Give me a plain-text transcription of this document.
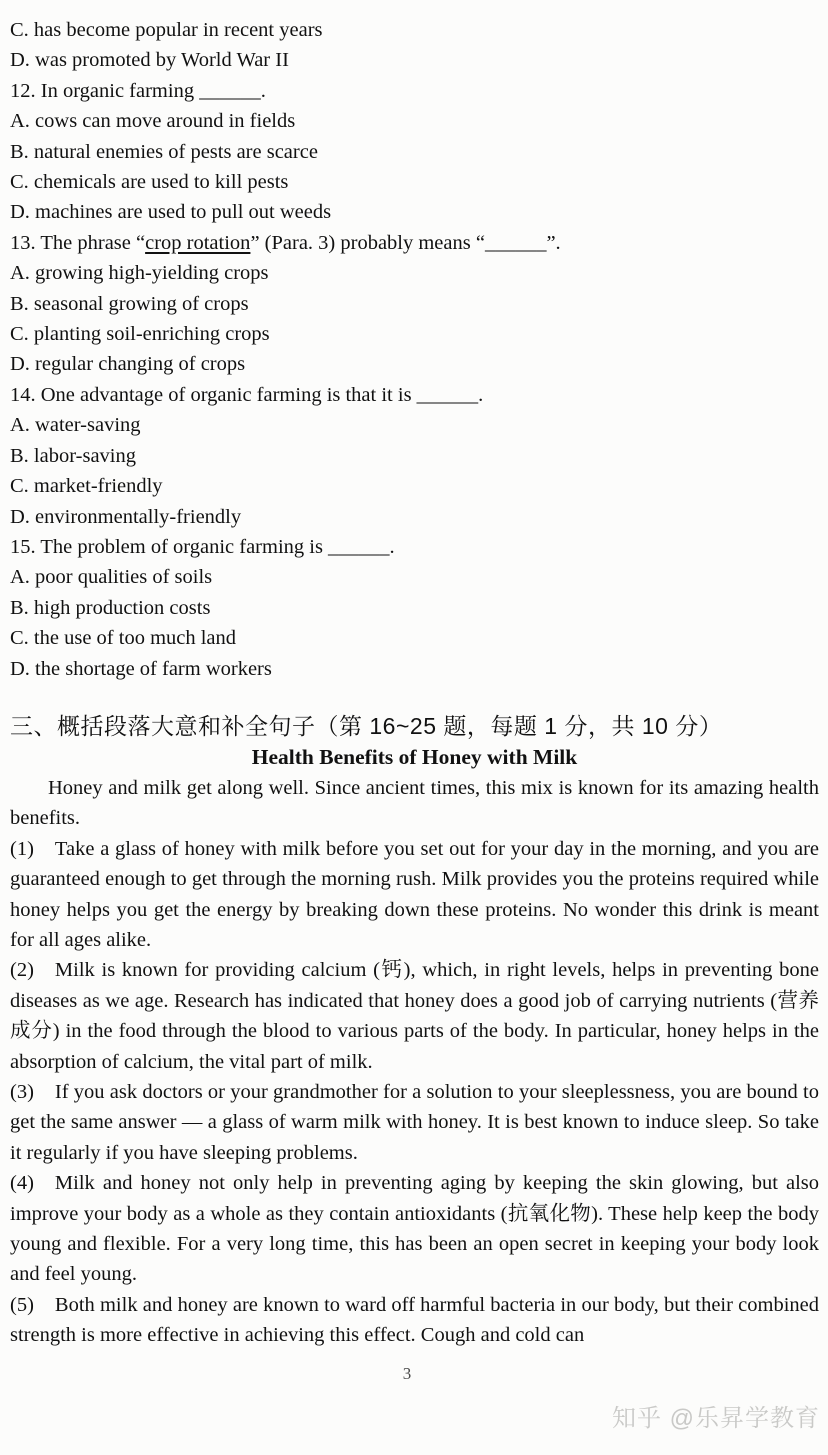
C. has become popular in recent years
D. was promoted by World War II
12. In organic farming ______.
A. cows can move around in fields
B. natural enemies of pests are scarce
C. chemicals are used to kill pests
D. machines are used to pull out weeds
13. The phrase “crop rotation” (Para. 3) probably means “______”.
A. growing high-yielding crops
B. seasonal growing of crops
C. planting soil-enriching crops
D. regular changing of crops
14. One advantage of organic farming is that it is ______.
A. water-saving
B. labor-saving
C. market-friendly
D. environmentally-friendly
15. The problem of organic farming is ______.
A. poor qualities of soils
B. high production costs
C. the use of too much land
D. the shortage of farm workers
三、概括段落大意和补全句子（第 16~25 题，每题 1 分，共 10 分）
Health Benefits of Honey with Milk
Honey and milk get along well. Since ancient times, this mix is known for its amazing health benefits.
(1) Take a glass of honey with milk before you set out for your day in the morning, and you are guaranteed enough to get through the morning rush. Milk provides you the proteins required while honey helps you get the energy by breaking down these proteins. No wonder this drink is meant for all ages alike.
(2) Milk is known for providing calcium (钙), which, in right levels, helps in preventing bone diseases as we age. Research has indicated that honey does a good job of carrying nutrients (营养成分) in the food through the blood to various parts of the body. In particular, honey helps in the absorption of calcium, the vital part of milk.
(3) If you ask doctors or your grandmother for a solution to your sleeplessness, you are bound to get the same answer — a glass of warm milk with honey. It is best known to induce sleep. So take it regularly if you have sleeping problems.
(4) Milk and honey not only help in preventing aging by keeping the skin glowing, but also improve your body as a whole as they contain antioxidants (抗氧化物). These help keep the body young and flexible. For a very long time, this has been an open secret in keeping your body look and feel young.
(5) Both milk and honey are known to ward off harmful bacteria in our body, but their combined strength is more effective in achieving this effect. Cough and cold can
3
知乎 @乐昇学教育
